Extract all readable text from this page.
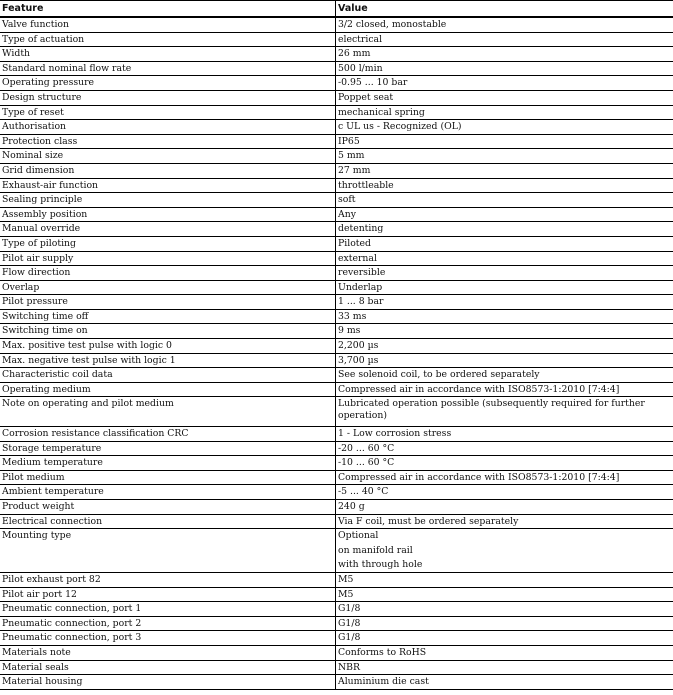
Feature	Value
Valve function	3/2 closed, monostable
Type of actuation	electrical
Width	26 mm
Standard nominal flow rate	500 l/min
Operating pressure	-0.95 ... 10 bar
Design structure	Poppet seat
Type of reset	mechanical spring
Authorisation	c UL us - Recognized (OL)
Protection class	IP65
Nominal size	5 mm
Grid dimension	27 mm
Exhaust-air function	throttleable
Sealing principle	soft
Assembly position	Any
Manual override	detenting
Type of piloting	Piloted
Pilot air supply	external
Flow direction	reversible
Overlap	Underlap
Pilot pressure	1 ... 8 bar
Switching time off	33 ms
Switching time on	9 ms
Max. positive test pulse with logic 0	2,200 µs
Max. negative test pulse with logic 1	3,700 µs
Characteristic coil data	See solenoid coil, to be ordered separately
Operating medium	Compressed air in accordance with ISO8573-1:2010 [7:4:4]
Note on operating and pilot medium	Lubricated operation possible (subsequently required for further operation)
Corrosion resistance classification CRC	1 - Low corrosion stress
Storage temperature	-20 ... 60 °C
Medium temperature	-10 ... 60 °C
Pilot medium	Compressed air in accordance with ISO8573-1:2010 [7:4:4]
Ambient temperature	-5 ... 40 °C
Product weight	240 g
Electrical connection	Via F coil, must be ordered separately
Mounting type	Optional
on manifold rail
with through hole
Pilot exhaust port 82	M5
Pilot air port 12	M5
Pneumatic connection, port 1	G1/8
Pneumatic connection, port 2	G1/8
Pneumatic connection, port 3	G1/8
Materials note	Conforms to RoHS
Material seals	NBR
Material housing	Aluminium die cast
